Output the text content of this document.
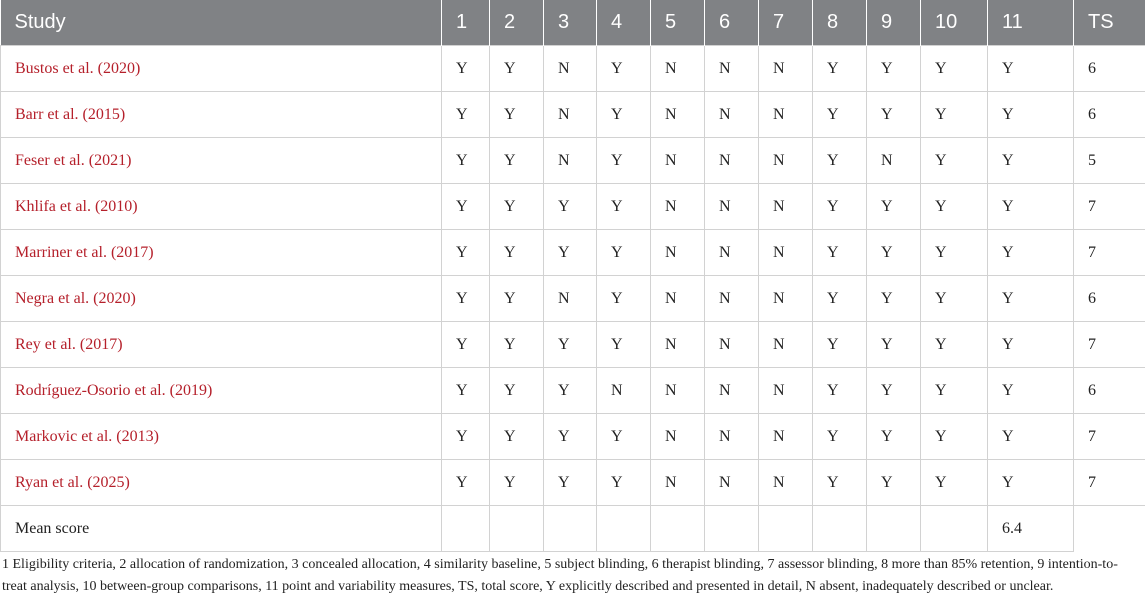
Study	1	2	3	4	5	6	7	8	9	10	11	TS
Bustos et al. (2020)	Y	Y	N	Y	N	N	N	Y	Y	Y	Y	6
Barr et al. (2015)	Y	Y	N	Y	N	N	N	Y	Y	Y	Y	6
Feser et al. (2021)	Y	Y	N	Y	N	N	N	Y	N	Y	Y	5
Khlifa et al. (2010)	Y	Y	Y	Y	N	N	N	Y	Y	Y	Y	7
Marriner et al. (2017)	Y	Y	Y	Y	N	N	N	Y	Y	Y	Y	7
Negra et al. (2020)	Y	Y	N	Y	N	N	N	Y	Y	Y	Y	6
Rey et al. (2017)	Y	Y	Y	Y	N	N	N	Y	Y	Y	Y	7
Rodríguez-Osorio et al. (2019)	Y	Y	Y	N	N	N	N	Y	Y	Y	Y	6
Markovic et al. (2013)	Y	Y	Y	Y	N	N	N	Y	Y	Y	Y	7
Ryan et al. (2025)	Y	Y	Y	Y	N	N	N	Y	Y	Y	Y	7
Mean score											6.4	

1 Eligibility criteria, 2 allocation of randomization, 3 concealed allocation, 4 similarity baseline, 5 subject blinding, 6 therapist blinding, 7 assessor blinding, 8 more than 85% retention, 9 intention-to-treat analysis, 10 between-group comparisons, 11 point and variability measures, TS, total score, Y explicitly described and presented in detail, N absent, inadequately described or unclear.
